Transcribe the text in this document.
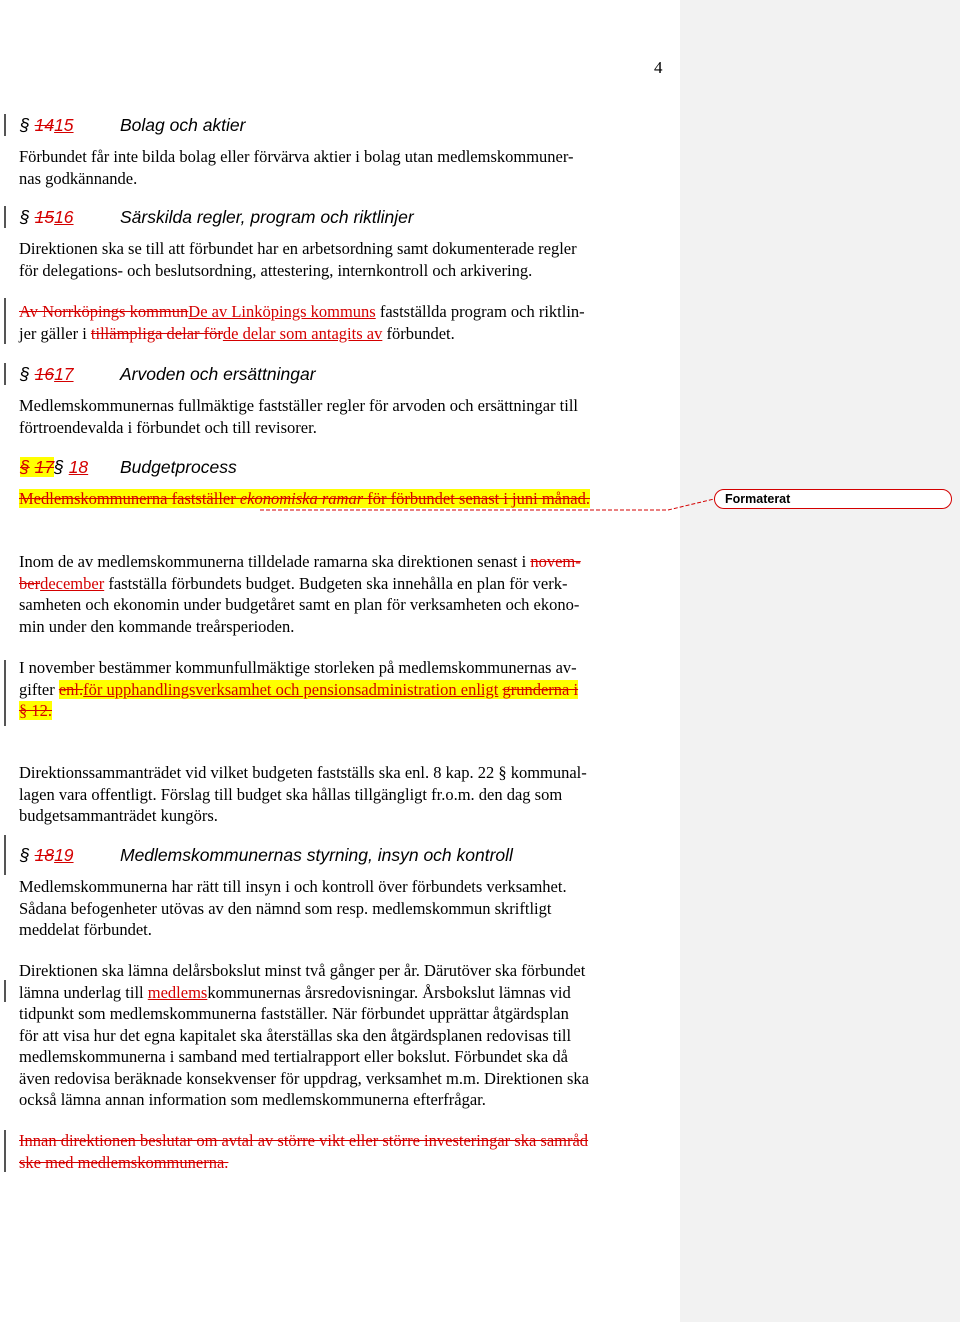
4
§ 1415	Bolag och aktier
Förbundet får inte bilda bolag eller förvärva aktier i bolag utan medlemskommuner-
nas godkännande.
§ 1516	Särskilda regler, program och riktlinjer
Direktionen ska se till att förbundet har en arbetsordning samt dokumenterade regler
för delegations- och beslutsordning, attestering, internkontroll och arkivering.
Av Norrköpings kommunDe av Linköpings kommuns fastställda program och riktlin-
jer gäller i tillämpliga delar förde delar som antagits av förbundet.
§ 1617	Arvoden och ersättningar
Medlemskommunernas fullmäktige fastställer regler för arvoden och ersättningar till
förtroendevalda i förbundet och till revisorer.
§ 17§ 18 Budgetprocess
Medlemskommunerna fastställer ekonomiska ramar för förbundet senast i juni månad.	Formaterat
Inom de av medlemskommunerna tilldelade ramarna ska direktionen senast i novem-
berdecember fastställa förbundets budget. Budgeten ska innehålla en plan för verk-
samheten och ekonomin under budgetåret samt en plan för verksamheten och ekono-
min under den kommande treårsperioden.
I november bestämmer kommunfullmäktige storleken på medlemskommunernas av-
gifter enl.för upphandlingsverksamhet och pensionsadministration enligt grunderna i
§ 12.
Direktionssammanträdet vid vilket budgeten fastställs ska enl. 8 kap. 22 § kommunal-
lagen vara offentligt. Förslag till budget ska hållas tillgängligt fr.o.m. den dag som
budgetsammanträdet kungörs.
§ 1819	Medlemskommunernas styrning, insyn och kontroll
Medlemskommunerna har rätt till insyn i och kontroll över förbundets verksamhet.
Sådana befogenheter utövas av den nämnd som resp. medlemskommun skriftligt
meddelat förbundet.
Direktionen ska lämna delårsbokslut minst två gånger per år. Därutöver ska förbundet
lämna underlag till medlemskommunernas årsredovisningar. Årsbokslut lämnas vid
tidpunkt som medlemskommunerna fastställer. När förbundet upprättar åtgärdsplan
för att visa hur det egna kapitalet ska återställas ska den åtgärdsplanen redovisas till
medlemskommunerna i samband med tertialrapport eller bokslut. Förbundet ska då
även redovisa beräknade konsekvenser för uppdrag, verksamhet m.m. Direktionen ska
också lämna annan information som medlemskommunerna efterfrågar.
Innan direktionen beslutar om avtal av större vikt eller större investeringar ska samråd
ske med medlemskommunerna.
